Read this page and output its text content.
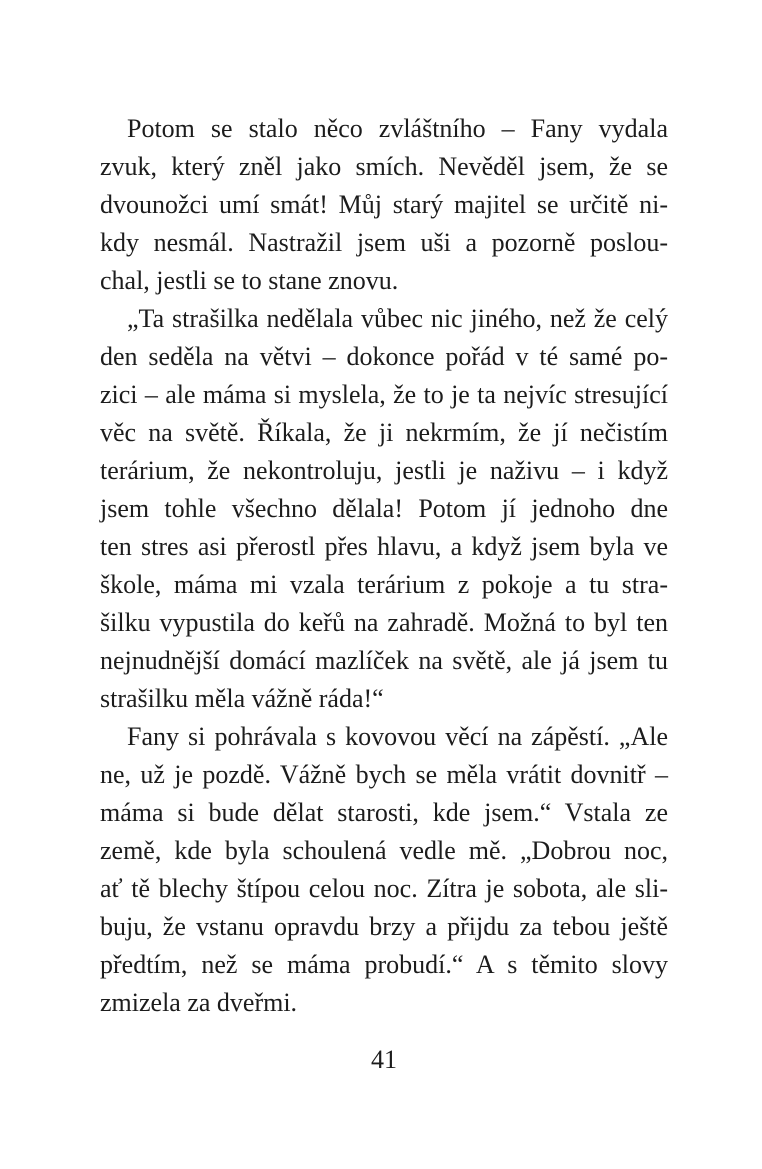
Potom se stalo něco zvláštního – Fany vydala
zvuk, který zněl jako smích. Nevěděl jsem, že se
dvounožci umí smát! Můj starý majitel se určitě ni-
kdy nesmál. Nastražil jsem uši a pozorně poslou-
chal, jestli se to stane znovu.
„Ta strašilka nedělala vůbec nic jiného, než že celý
den seděla na větvi – dokonce pořád v té samé po-
zici – ale máma si myslela, že to je ta nejvíc stresující
věc na světě. Říkala, že ji nekrmím, že jí nečistím
terárium, že nekontroluju, jestli je naživu – i když
jsem tohle všechno dělala! Potom jí jednoho dne
ten stres asi přerostl přes hlavu, a když jsem byla ve
škole, máma mi vzala terárium z pokoje a tu stra-
šilku vypustila do keřů na zahradě. Možná to byl ten
nejnudnější domácí mazlíček na světě, ale já jsem tu
strašilku měla vážně ráda!“
Fany si pohrávala s kovovou věcí na zápěstí. „Ale
ne, už je pozdě. Vážně bych se měla vrátit dovnitř –
máma si bude dělat starosti, kde jsem.“ Vstala ze
země, kde byla schoulená vedle mě. „Dobrou noc,
ať tě blechy štípou celou noc. Zítra je sobota, ale sli-
buju, že vstanu opravdu brzy a přijdu za tebou ještě
předtím, než se máma probudí.“ A s těmito slovy
zmizela za dveřmi.
41
